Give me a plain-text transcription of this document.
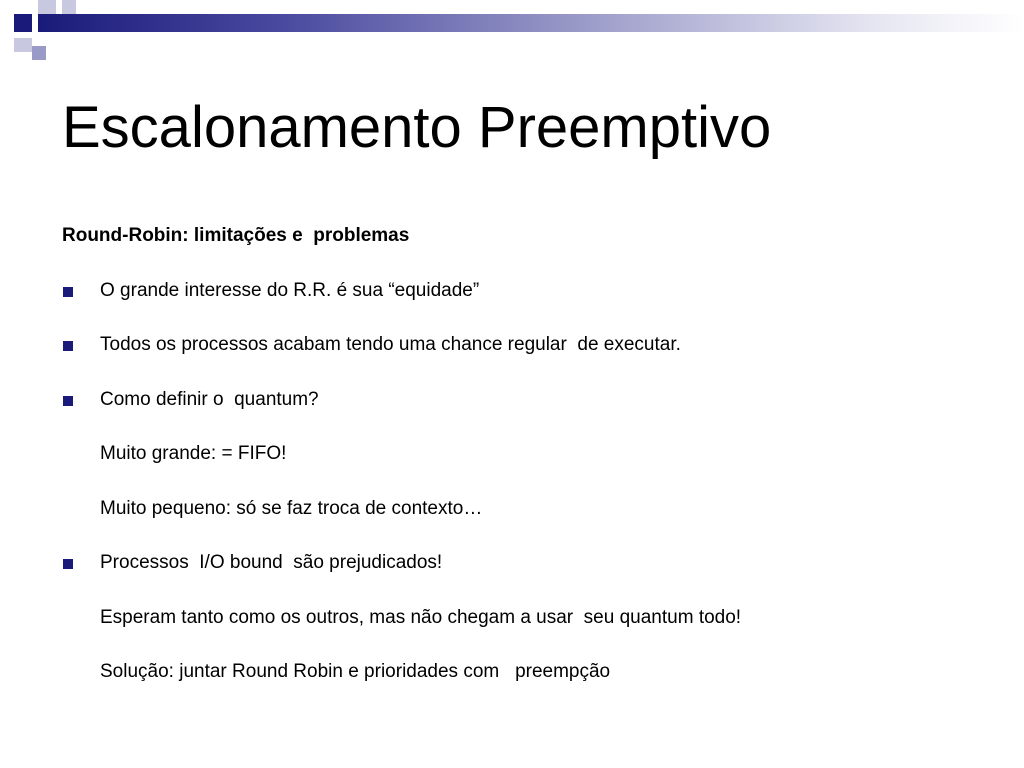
Escalonamento Preemptivo
Round-Robin: limitações e  problemas
O grande interesse do R.R. é sua “equidade”
Todos os processos acabam tendo uma chance regular  de executar.
Como definir o  quantum?
Muito grande: = FIFO!
Muito pequeno: só se faz troca de contexto…
Processos  I/O bound  são prejudicados!
Esperam tanto como os outros, mas não chegam a usar  seu quantum todo!
Solução: juntar Round Robin e prioridades com   preempção
